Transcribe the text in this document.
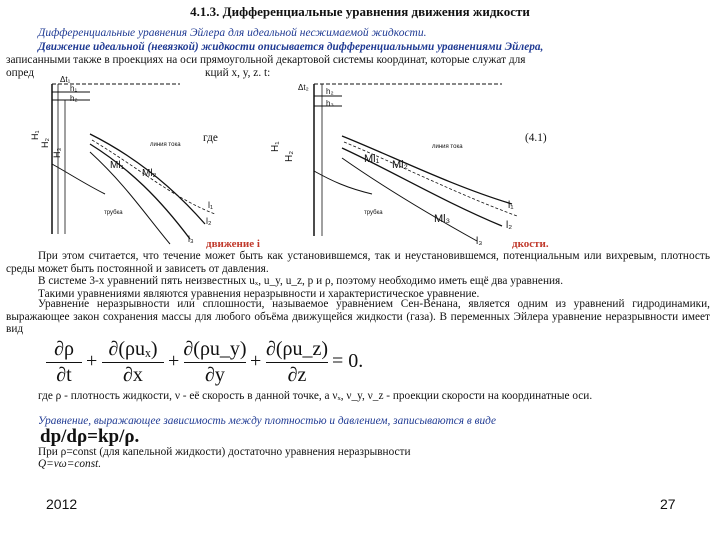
4.1.3. Дифференциальные уравнения движения жидкости
Дифференциальные уравнения Эйлера для идеальной несжимаемой жидкости.
Движение идеальной (невязкой) жидкости описывается дифференциальными уравнениями Эйлера,
записанными также в проекциях на оси прямоугольной декартовой системы координат, которые служат для
опред	кций x, y, z. t:
Δt₁
h₁
h₂
H₁
H₂
H₃
Ml₁
Ml₂
линия тока
трубка
l₁
l₂
l₃
где	(4.1)
Δt₂ h₂
h₃
H₁
H₂	Ml₁ Ml₂
Ml₃
линия тока
трубка
l₁
l₂
l₃
движение і	дкости.
При этом считается, что течение может быть как установившемся, так и неустановившемся, потенциальным или вихревым, плотность среды может быть постоянной и зависеть от давления.
В системе 3-х уравнений пять неизвестных uₓ, u_y, u_z, p и ρ, поэтому необходимо иметь ещё два уравнения.
Такими уравнениями являются уравнения неразрывности и характеристическое уравнение.
Уравнение неразрывности или сплошности, называемое уравнением Сен-Венана, является одним из уравнений гидродинамики, выражающее закон сохранения массы для любого объёма движущейся жидкости (газа). В переменных Эйлера уравнение неразрывности имеет вид
∂ρ
∂t
+
∂(ρuₓ)
∂x
+
∂(ρu_y)
∂y
+
∂(ρu_z)
∂z
= 0.
где ρ - плотность жидкости, ν - её скорость в данной точке, а νₓ, ν_y, ν_z - проекции скорости на координатные оси.
Уравнение, выражающее зависимость между плотностью и давлением, записываются в виде
dp/dρ=kp/ρ.
При ρ=const (для капельной жидкости) достаточно уравнения неразрывности
Q=νω=const.
2012	27
